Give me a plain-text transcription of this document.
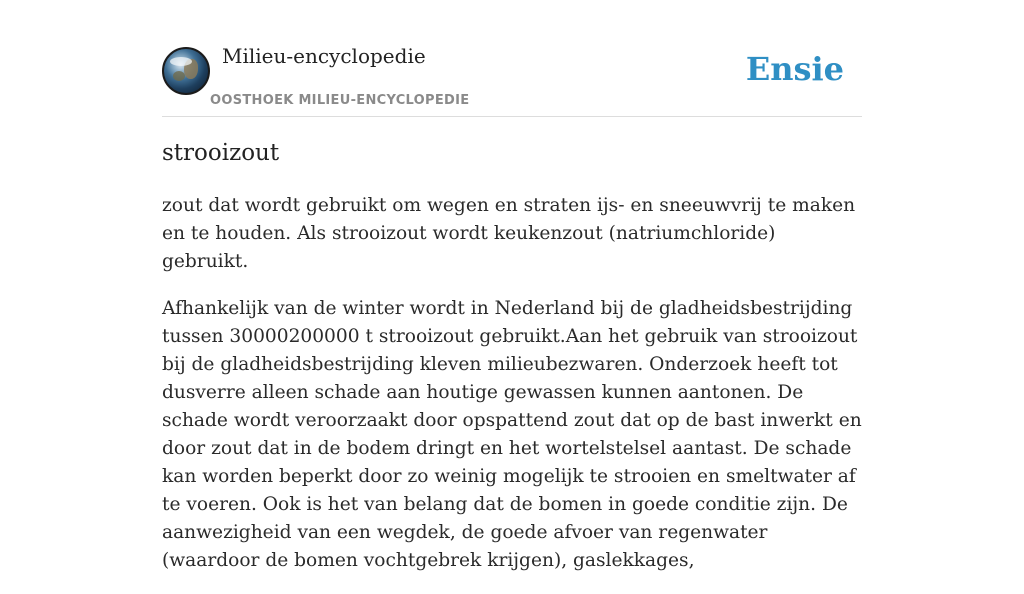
Milieu-encyclopedie
OOSTHOEK MILIEU-ENCYCLOPEDIE
Ensie
strooizout

zout dat wordt gebruikt om wegen en straten ijs- en sneeuwvrij te maken en te houden. Als strooizout wordt keukenzout (natriumchloride) gebruikt.

Afhankelijk van de winter wordt in Nederland bij de gladheidsbestrijding tussen 30000200000 t strooizout gebruikt.Aan het gebruik van strooizout bij de gladheidsbestrijding kleven milieubezwaren. Onderzoek heeft tot dusverre alleen schade aan houtige gewassen kunnen aantonen. De schade wordt veroorzaakt door opspattend zout dat op de bast inwerkt en door zout dat in de bodem dringt en het wortelstelsel aantast. De schade kan worden beperkt door zo weinig mogelijk te strooien en smeltwater af te voeren. Ook is het van belang dat de bomen in goede conditie zijn. De aanwezigheid van een wegdek, de goede afvoer van regenwater (waardoor de bomen vochtgebrek krijgen), gaslekkages,
